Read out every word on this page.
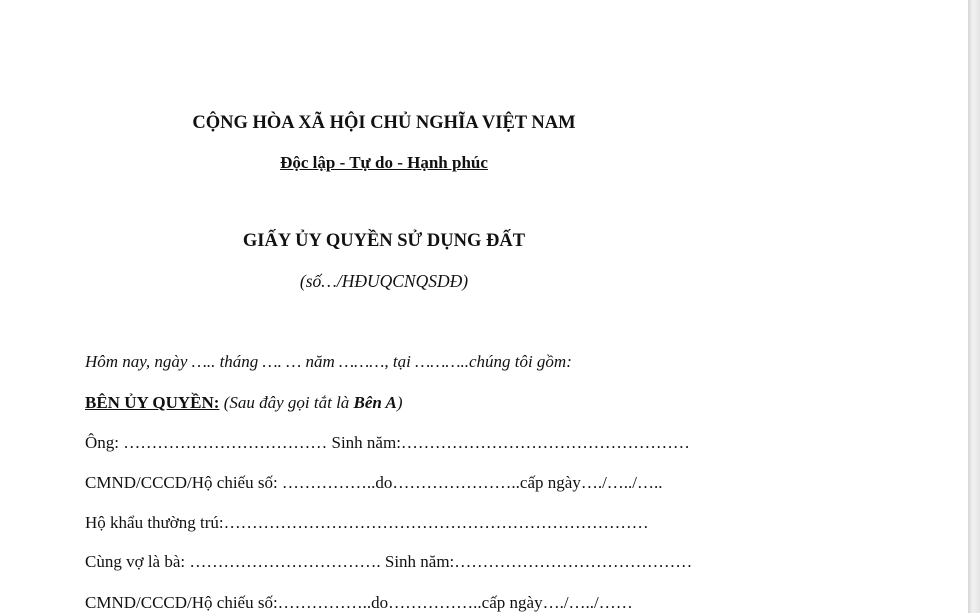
CỘNG HÒA XÃ HỘI CHỦ NGHĨA VIỆT NAM
Độc lập - Tự do - Hạnh phúc
GIẤY ỦY QUYỀN SỬ DỤNG ĐẤT
(số…/HĐUQCNQSDĐ)
Hôm nay, ngày ….. tháng …. … năm ………, tại ………..chúng tôi gồm:
BÊN ỦY QUYỀN: (Sau đây gọi tắt là Bên A)
Ông: ……………………………… Sinh năm:……………………………………………
CMND/CCCD/Hộ chiếu số: ……………..do…………………..cấp ngày…./…../…..
Hộ khẩu thường trú:…………………………………………………………………
Cùng vợ là bà: ……………………………. Sinh năm:……………………………………
CMND/CCCD/Hộ chiếu số:……………..do……………..cấp ngày…./…../……
